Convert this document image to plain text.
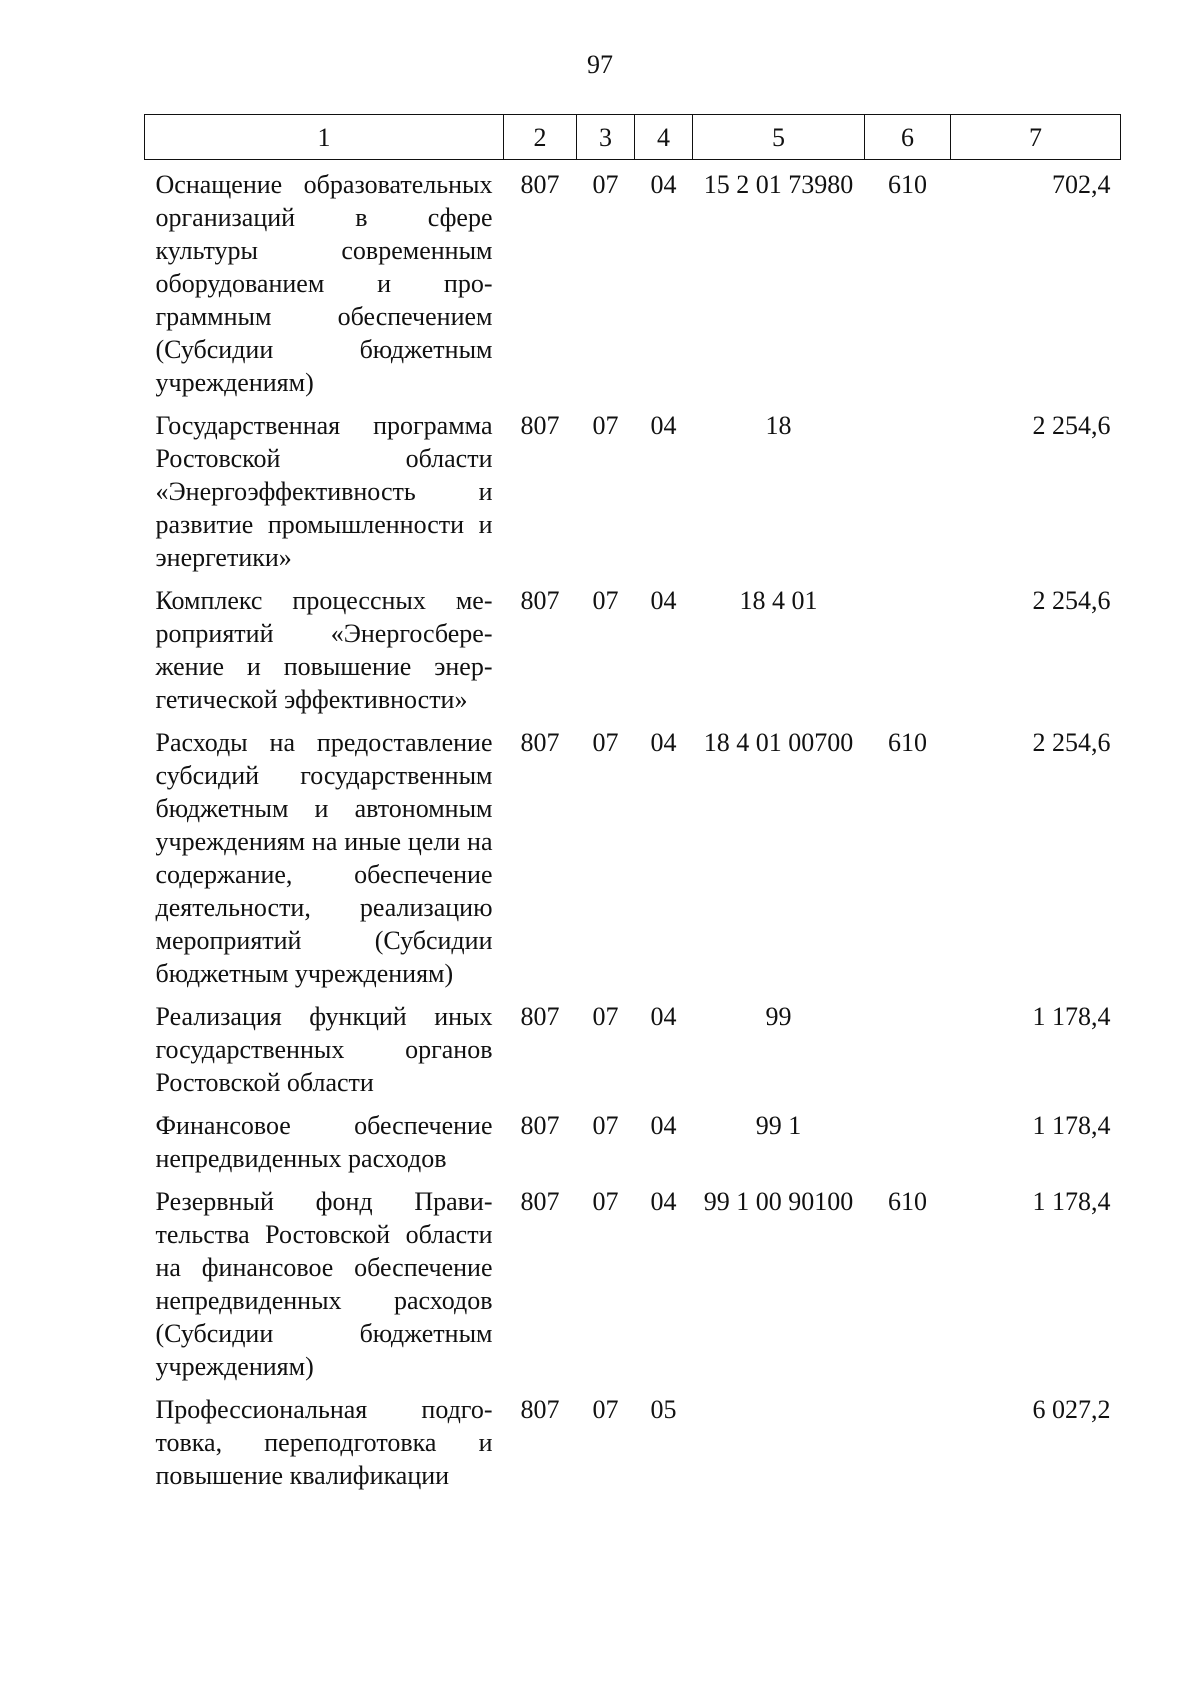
97
1	2	3	4	5	6	7
Оснащение образовательных организаций в сфере культуры современным оборудованием и программным обеспечением (Субсидии бюджетным учреждениям)	807	07	04	15 2 01 73980	610	702,4
Государственная программа Ростовской области «Энергоэффективность и развитие промышленности и энергетики»	807	07	04	18		2 254,6
Комплекс процессных мероприятий «Энергосбережение и повышение энергетической эффективности»	807	07	04	18 4 01		2 254,6
Расходы на предоставление субсидий государственным бюджетным и автономным учреждениям на иные цели на содержание, обеспечение деятельности, реализацию мероприятий (Субсидии бюджетным учреждениям)	807	07	04	18 4 01 00700	610	2 254,6
Реализация функций иных государственных органов Ростовской области	807	07	04	99		1 178,4
Финансовое обеспечение непредвиденных расходов	807	07	04	99 1		1 178,4
Резервный фонд Правительства Ростовской области на финансовое обеспечение непредвиденных расходов (Субсидии бюджетным учреждениям)	807	07	04	99 1 00 90100	610	1 178,4
Профессиональная подготовка, переподготовка и повышение квалификации	807	07	05			6 027,2
